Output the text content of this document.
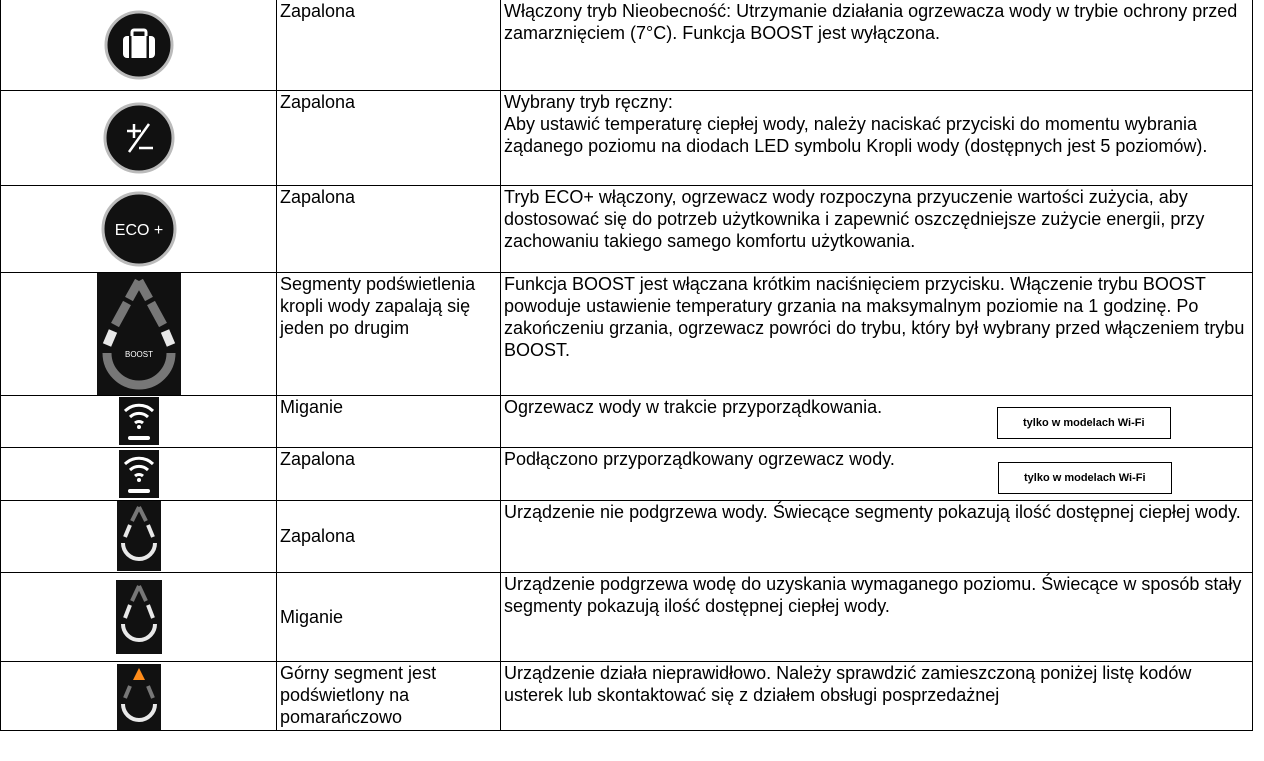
	Zapalona	Włączony tryb Nieobecność: Utrzymanie działania ogrzewacza wody w trybie ochrony przed zamarznięciem (7°C). Funkcja BOOST jest wyłączona.

	Zapalona	Wybrany tryb ręczny:
Aby ustawić temperaturę ciepłej wody, należy naciskać przyciski do momentu wybrania żądanego poziomu na diodach LED symbolu Kropli wody (dostępnych jest 5 poziomów).

ECO +	Zapalona	Tryb ECO+ włączony, ogrzewacz wody rozpoczyna przyuczenie wartości zużycia, aby dostosować się do potrzeb użytkownika i zapewnić oszczędniejsze zużycie energii, przy zachowaniu takiego samego komfortu użytkowania.

BOOST	Segmenty podświetlenia kropli wody zapalają się jeden po drugim	Funkcja BOOST jest włączana krótkim naciśnięciem przycisku. Włączenie trybu BOOST powoduje ustawienie temperatury grzania na maksymalnym poziomie na 1 godzinę. Po zakończeniu grzania, ogrzewacz powróci do trybu, który był wybrany przed włączeniem trybu BOOST.

	Miganie	Ogrzewacz wody w trakcie przyporządkowania.
tylko w modelach Wi-Fi

	Zapalona	Podłączono przyporządkowany ogrzewacz wody.
tylko w modelach Wi-Fi

	Zapalona	Urządzenie nie podgrzewa wody. Świecące segmenty pokazują ilość dostępnej ciepłej wody.

	Miganie	Urządzenie podgrzewa wodę do uzyskania wymaganego poziomu. Świecące w sposób stały segmenty pokazują ilość dostępnej ciepłej wody.

	Górny segment jest podświetlony na pomarańczowo	Urządzenie działa nieprawidłowo. Należy sprawdzić zamieszczoną poniżej listę kodów usterek lub skontaktować się z działem obsługi posprzedażnej
